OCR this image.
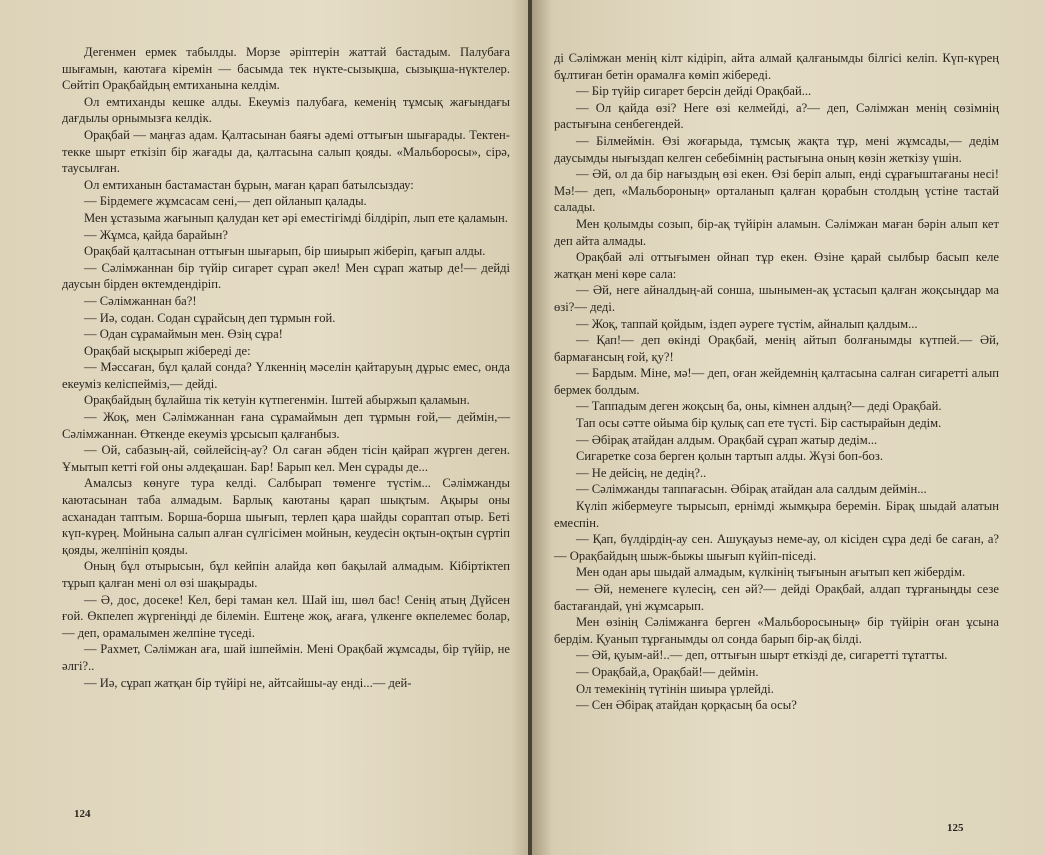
Дегенмен ермек табылды. Морзе әріптерін жаттай бастадым. Палубаға шығамын, каютаға кіремін — басымда тек нүкте-сызықша, сызықша-нүктелер. Сөйтіп Орақбайдың емтиханына келдім.

Ол емтиханды кешке алды. Екеуміз палубаға, кеменің тұмсық жағындағы дағдылы орнымызға келдік.

Орақбай — маңғаз адам. Қалтасынан баяғы әдемі оттығын шығарады. Тектен-текке шырт еткізіп бір жағады да, қалтасына салып қояды. «Мальборосы», сірә, таусылған.

Ол емтиханын бастамастан бұрын, маған қарап батылсыздау:

— Бірдемеге жұмсасам сені,— деп ойланып қалады.

Мен ұстазыма жағынып қалудан кет әрі еместігімді білдіріп, лып ете қаламын.

— Жұмса, қайда барайын?

Орақбай қалтасынан оттығын шығарып, бір шиырып жіберіп, қағып алды.

— Сәлімжаннан бір түйір сигарет сұрап әкел! Мен сұрап жатыр де!— дейді даусын бірден өктемдендіріп.

— Сәлімжаннан ба?!

— Иә, содан. Содан сұрайсың деп тұрмын ғой.

— Одан сұрамаймын мен. Өзің сұра!

Орақбай ысқырып жібереді де:

— Мәссаған, бұл қалай сонда? Үлкеннің мәселін қайтаруың дұрыс емес, онда екеуміз келіспейміз,— дейді.

Орақбайдың бұлайша тік кетуін күтпегенмін. Іштей абыржып қаламын.

— Жоқ, мен Сәлімжаннан ғана сұрамаймын деп тұрмын ғой,— деймін,— Сәлімжаннан. Өткенде екеуміз ұрсысып қалғанбыз.

— Ой, сабазың-ай, сөйлейсің-ау? Ол саған әбден тісін қайрап жүрген деген. Ұмытып кетті ғой оны әлдеқашан. Бар! Барып кел. Мен сұрады де...

Амалсыз көнуге тура келді. Салбырап төменге түстім... Сәлімжанды каютасынан таба алмадым. Барлық каютаны қарап шықтым. Ақыры оны асханадан таптым. Борша-борша шығып, терлеп қара шайды сораптап отыр. Беті күп-күрең. Мойнына салып алған сүлгісімен мойнын, кеудесін оқтын-оқтын сүртіп қояды, желпініп қояды.

Оның бұл отырысын, бұл кейпін алайда көп бақылай алмадым. Кібіртіктеп тұрып қалған мені ол өзі шақырады.

— Ә, дос, досеке! Кел, бері таман кел. Шай іш, шөл бас! Сенің атың Дүйсен ғой. Өкпелеп жүргеніңді де білемін. Ештеңе жоқ, ағаға, үлкенге өкпелемес болар,— деп, орамалымен желпіне түседі.

— Рахмет, Сәлімжан аға, шай ішпеймін. Мені Орақбай жұмсады, бір түйір, не әлгі?..

— Иә, сұрап жатқан бір түйірі не, айтсайшы-ау енді...— дей-

124

ді Сәлімжан менің кілт кідіріп, айта алмай қалғанымды білгісі келіп. Күп-күрең бұлтиған бетін орамалға көміп жібереді.

— Бір түйір сигарет берсін дейді Орақбай...

— Ол қайда өзі? Неге өзі келмейді, а?— деп, Сәлімжан менің сөзімнің растығына сенбегендей.

— Білмеймін. Өзі жоғарыда, тұмсық жақта тұр, мені жұмсады,— дедім даусымды нығыздап келген себебімнің растығына оның көзін жеткізу үшін.

— Әй, ол да бір нағыздың өзі екен. Өзі беріп алып, енді сұрағыштағаны несі! Мә!— деп, «Мальбороның» орталанып қалған қорабын столдың үстіне тастай салады.

Мен қолымды созып, бір-ақ түйірін аламын. Сәлімжан маған бәрін алып кет деп айта алмады.

Орақбай әлі оттығымен ойнап тұр екен. Өзіне қарай сылбыр басып келе жатқан мені көре сала:

— Әй, неге айналдың-ай сонша, шынымен-ақ ұстасып қалған жоқсыңдар ма өзі?— деді.

— Жоқ, таппай қойдым, іздеп әуреге түстім, айналып қалдым...

— Қап!— деп өкінді Орақбай, менің айтып болғанымды күтпей.— Әй, бармағансың ғой, қу?!

— Бардым. Міне, мә!— деп, оған жейдемнің қалтасына салған сигаретті алып бермек болдым.

— Таппадым деген жоқсың ба, оны, кімнен алдың?— деді Орақбай.

Тап осы сәтте ойыма бір қулық сап ете түсті. Бір састырайын дедім.

— Әбірақ атайдан алдым. Орақбай сұрап жатыр дедім...

Сигаретке соза берген қолын тартып алды. Жүзі боп-боз.

— Не дейсің, не дедің?..

— Сәлімжанды таппағасын. Әбірақ атайдан ала салдым деймін...

Күліп жібермеуге тырысып, ернімді жымқыра беремін. Бірақ шыдай алатын емеспін.

— Қап, бүлдірдің-ау сен. Ашуқауыз неме-ау, ол кісіден сұра деді бе саған, а?— Орақбайдың шыж-быжы шығып күйіп-піседі.

Мен одан ары шыдай алмадым, күлкінің тығынын ағытып кеп жібердім.

— Әй, неменеге күлесің, сен әй?— дейді Орақбай, алдап тұрғаныңды сезе бастағандай, үні жұмсарып.

Мен өзінің Сәлімжанға берген «Мальборосының» бір түйірін оған ұсына бердім. Қуанып тұрғанымды ол сонда барып бір-ақ білді.

— Әй, қуым-ай!..— деп, оттығын шырт еткізді де, сигаретті тұтатты.

— Орақбай,а, Орақбай!— деймін.

Ол темекінің түтінін шиыра үрлейді.

— Сен Әбірақ атайдан қорқасың ба осы?

125
